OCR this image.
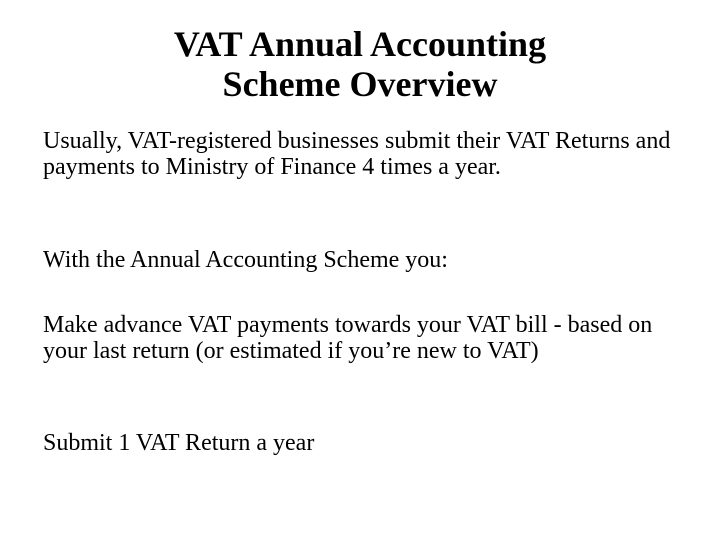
VAT Annual Accounting
Scheme Overview
Usually, VAT-registered businesses submit their VAT Returns and payments to Ministry of Finance 4 times a year.
With the Annual Accounting Scheme you:
Make advance VAT payments towards your VAT bill - based on your last return (or estimated if you’re new to VAT)
Submit 1 VAT Return a year
